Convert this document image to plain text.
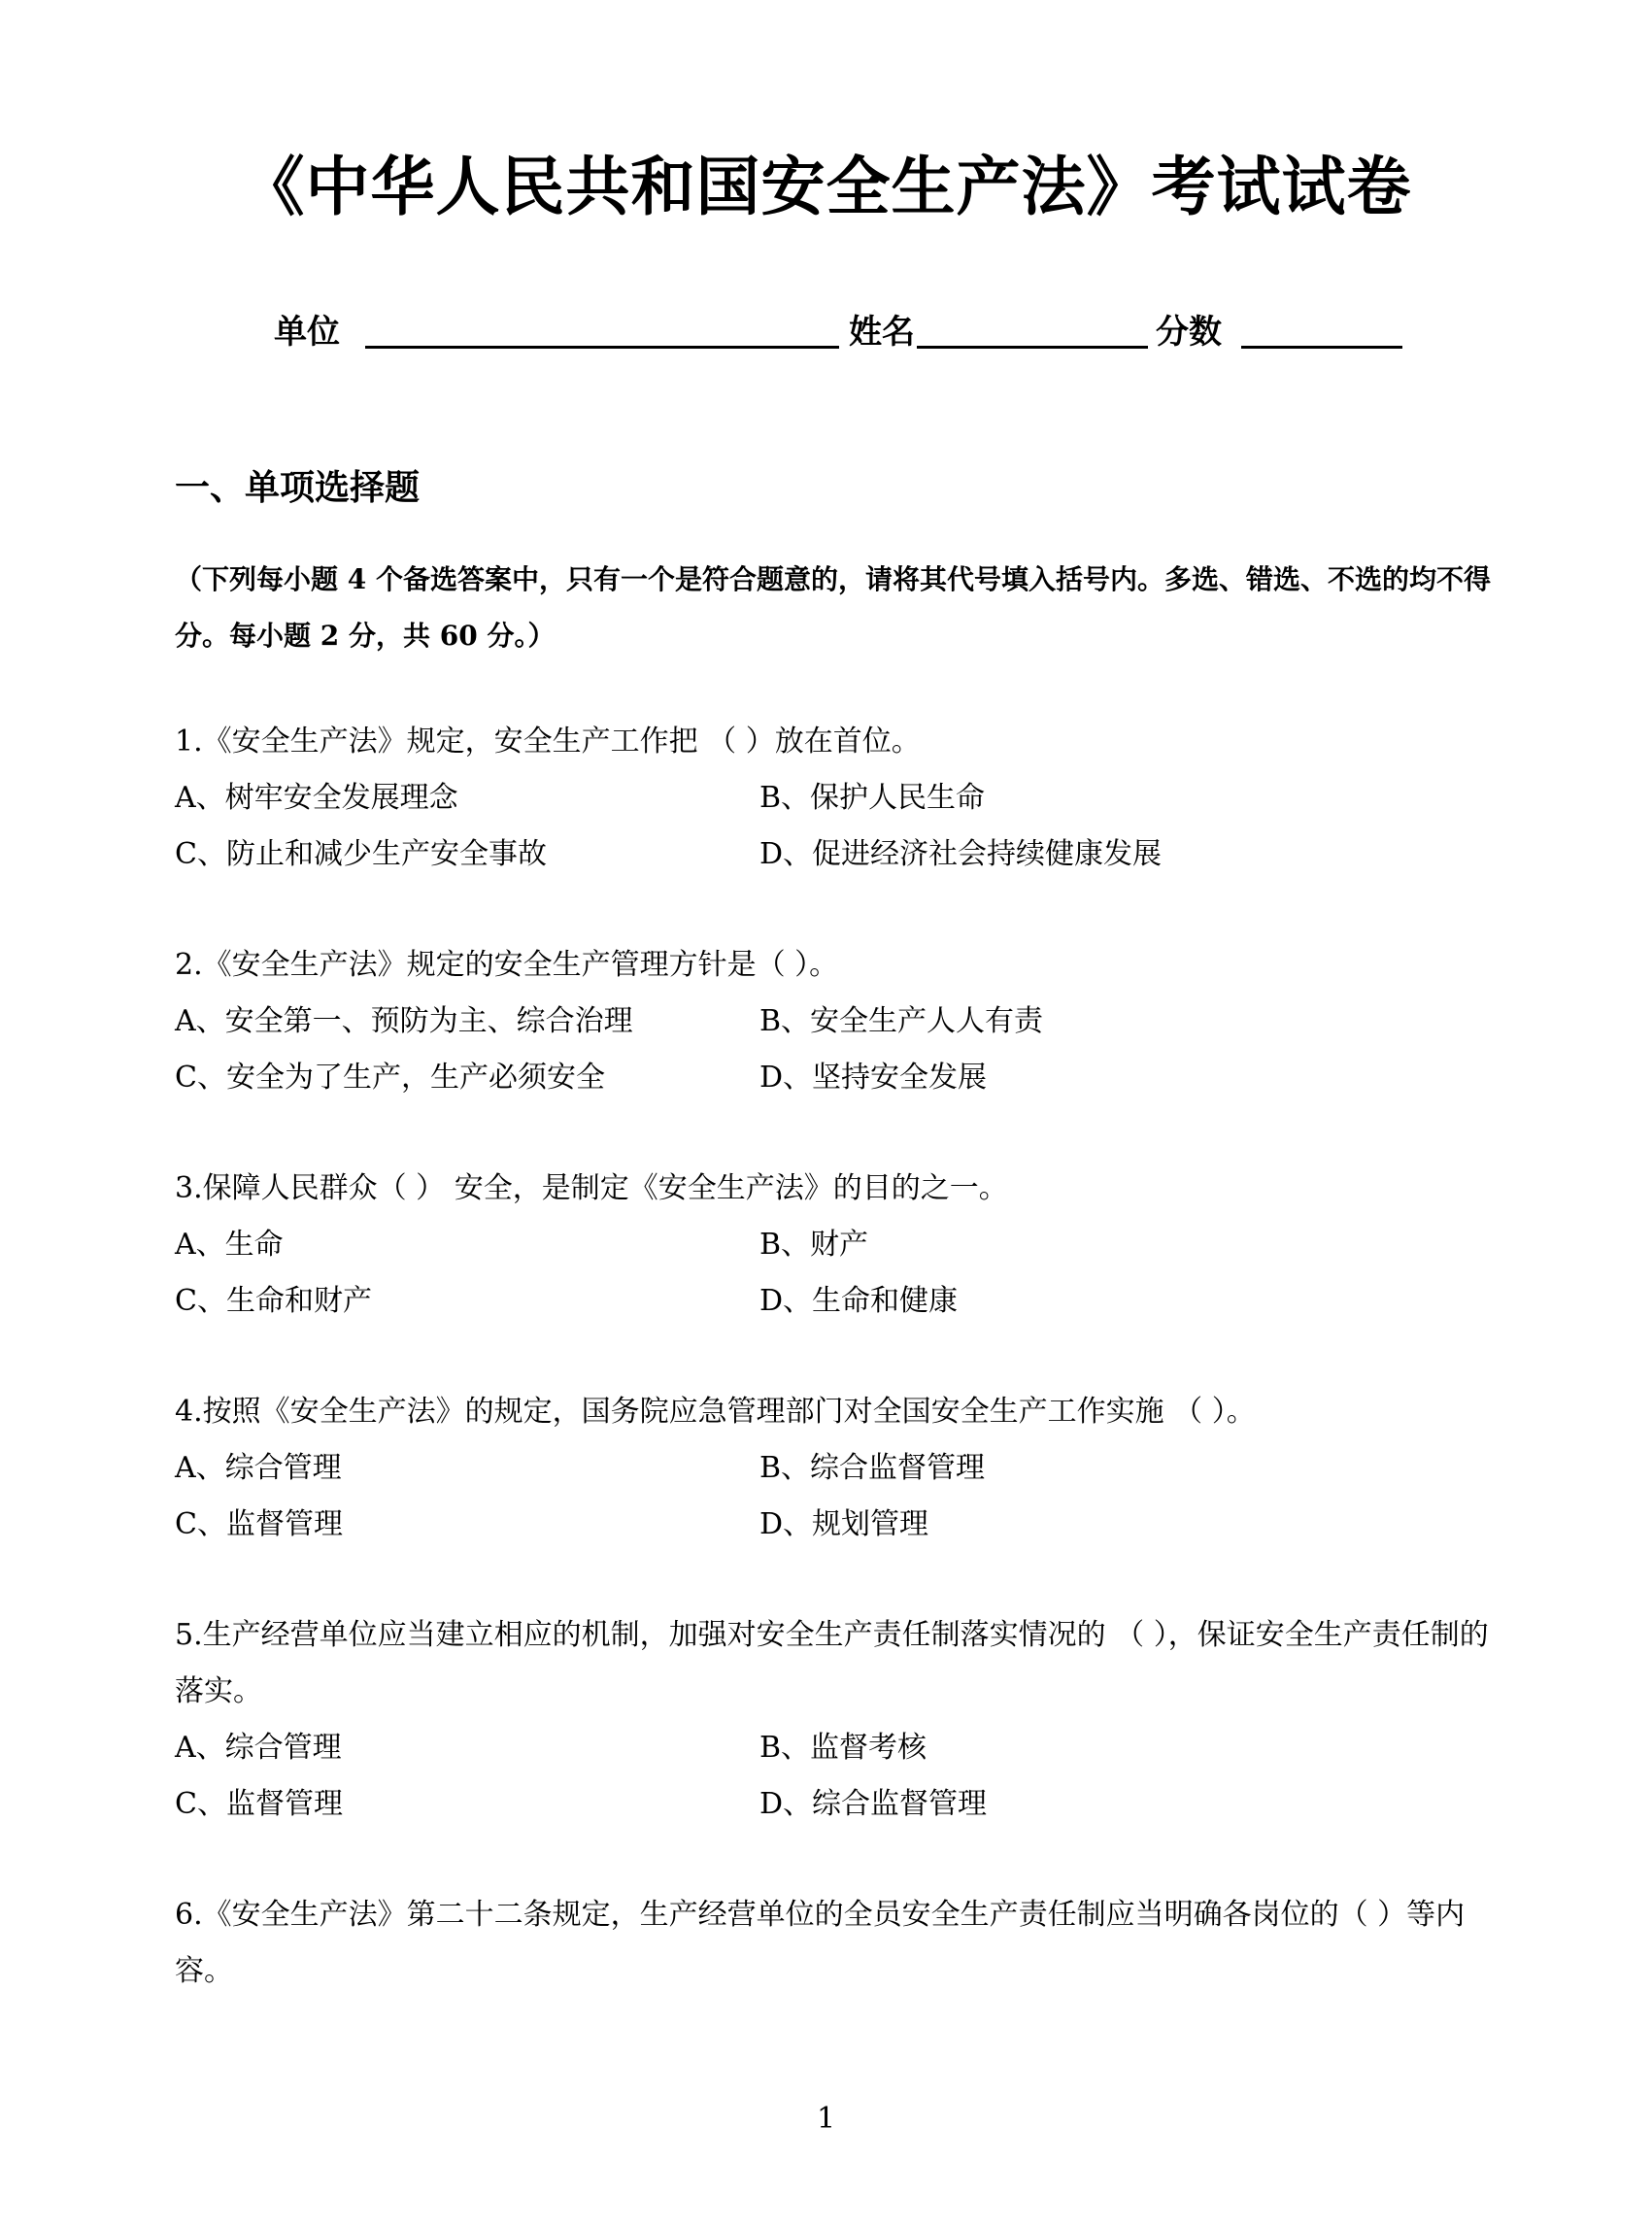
《中华人民共和国安全生产法》考试试卷
单位	姓名	分数
一、单项选择题
（下列每小题 4 个备选答案中，只有一个是符合题意的，请将其代号填入括号内。多选、错选、不选的均不得分。每小题 2 分，共 60 分。）

1.《安全生产法》规定，安全生产工作把 （ ）放在首位。

A、树牢安全发展理念	B、保护人民生命
C、防止和减少生产安全事故	D、促进经济社会持续健康发展

2.《安全生产法》规定的安全生产管理方针是（ ）。

A、安全第一、预防为主、综合治理	B、安全生产人人有责
C、安全为了生产，生产必须安全	D、坚持安全发展

3.保障人民群众（ ） 安全，是制定《安全生产法》的目的之一。

A、生命	B、财产
C、生命和财产	D、生命和健康

4.按照《安全生产法》的规定，国务院应急管理部门对全国安全生产工作实施 （ ）。

A、综合管理	B、综合监督管理
C、监督管理	D、规划管理

5.生产经营单位应当建立相应的机制，加强对安全生产责任制落实情况的 （ ），保证安全生产责任制的落实。

A、综合管理	B、监督考核
C、监督管理	D、综合监督管理

6.《安全生产法》第二十二条规定，生产经营单位的全员安全生产责任制应当明确各岗位的（ ）等内容。

1
